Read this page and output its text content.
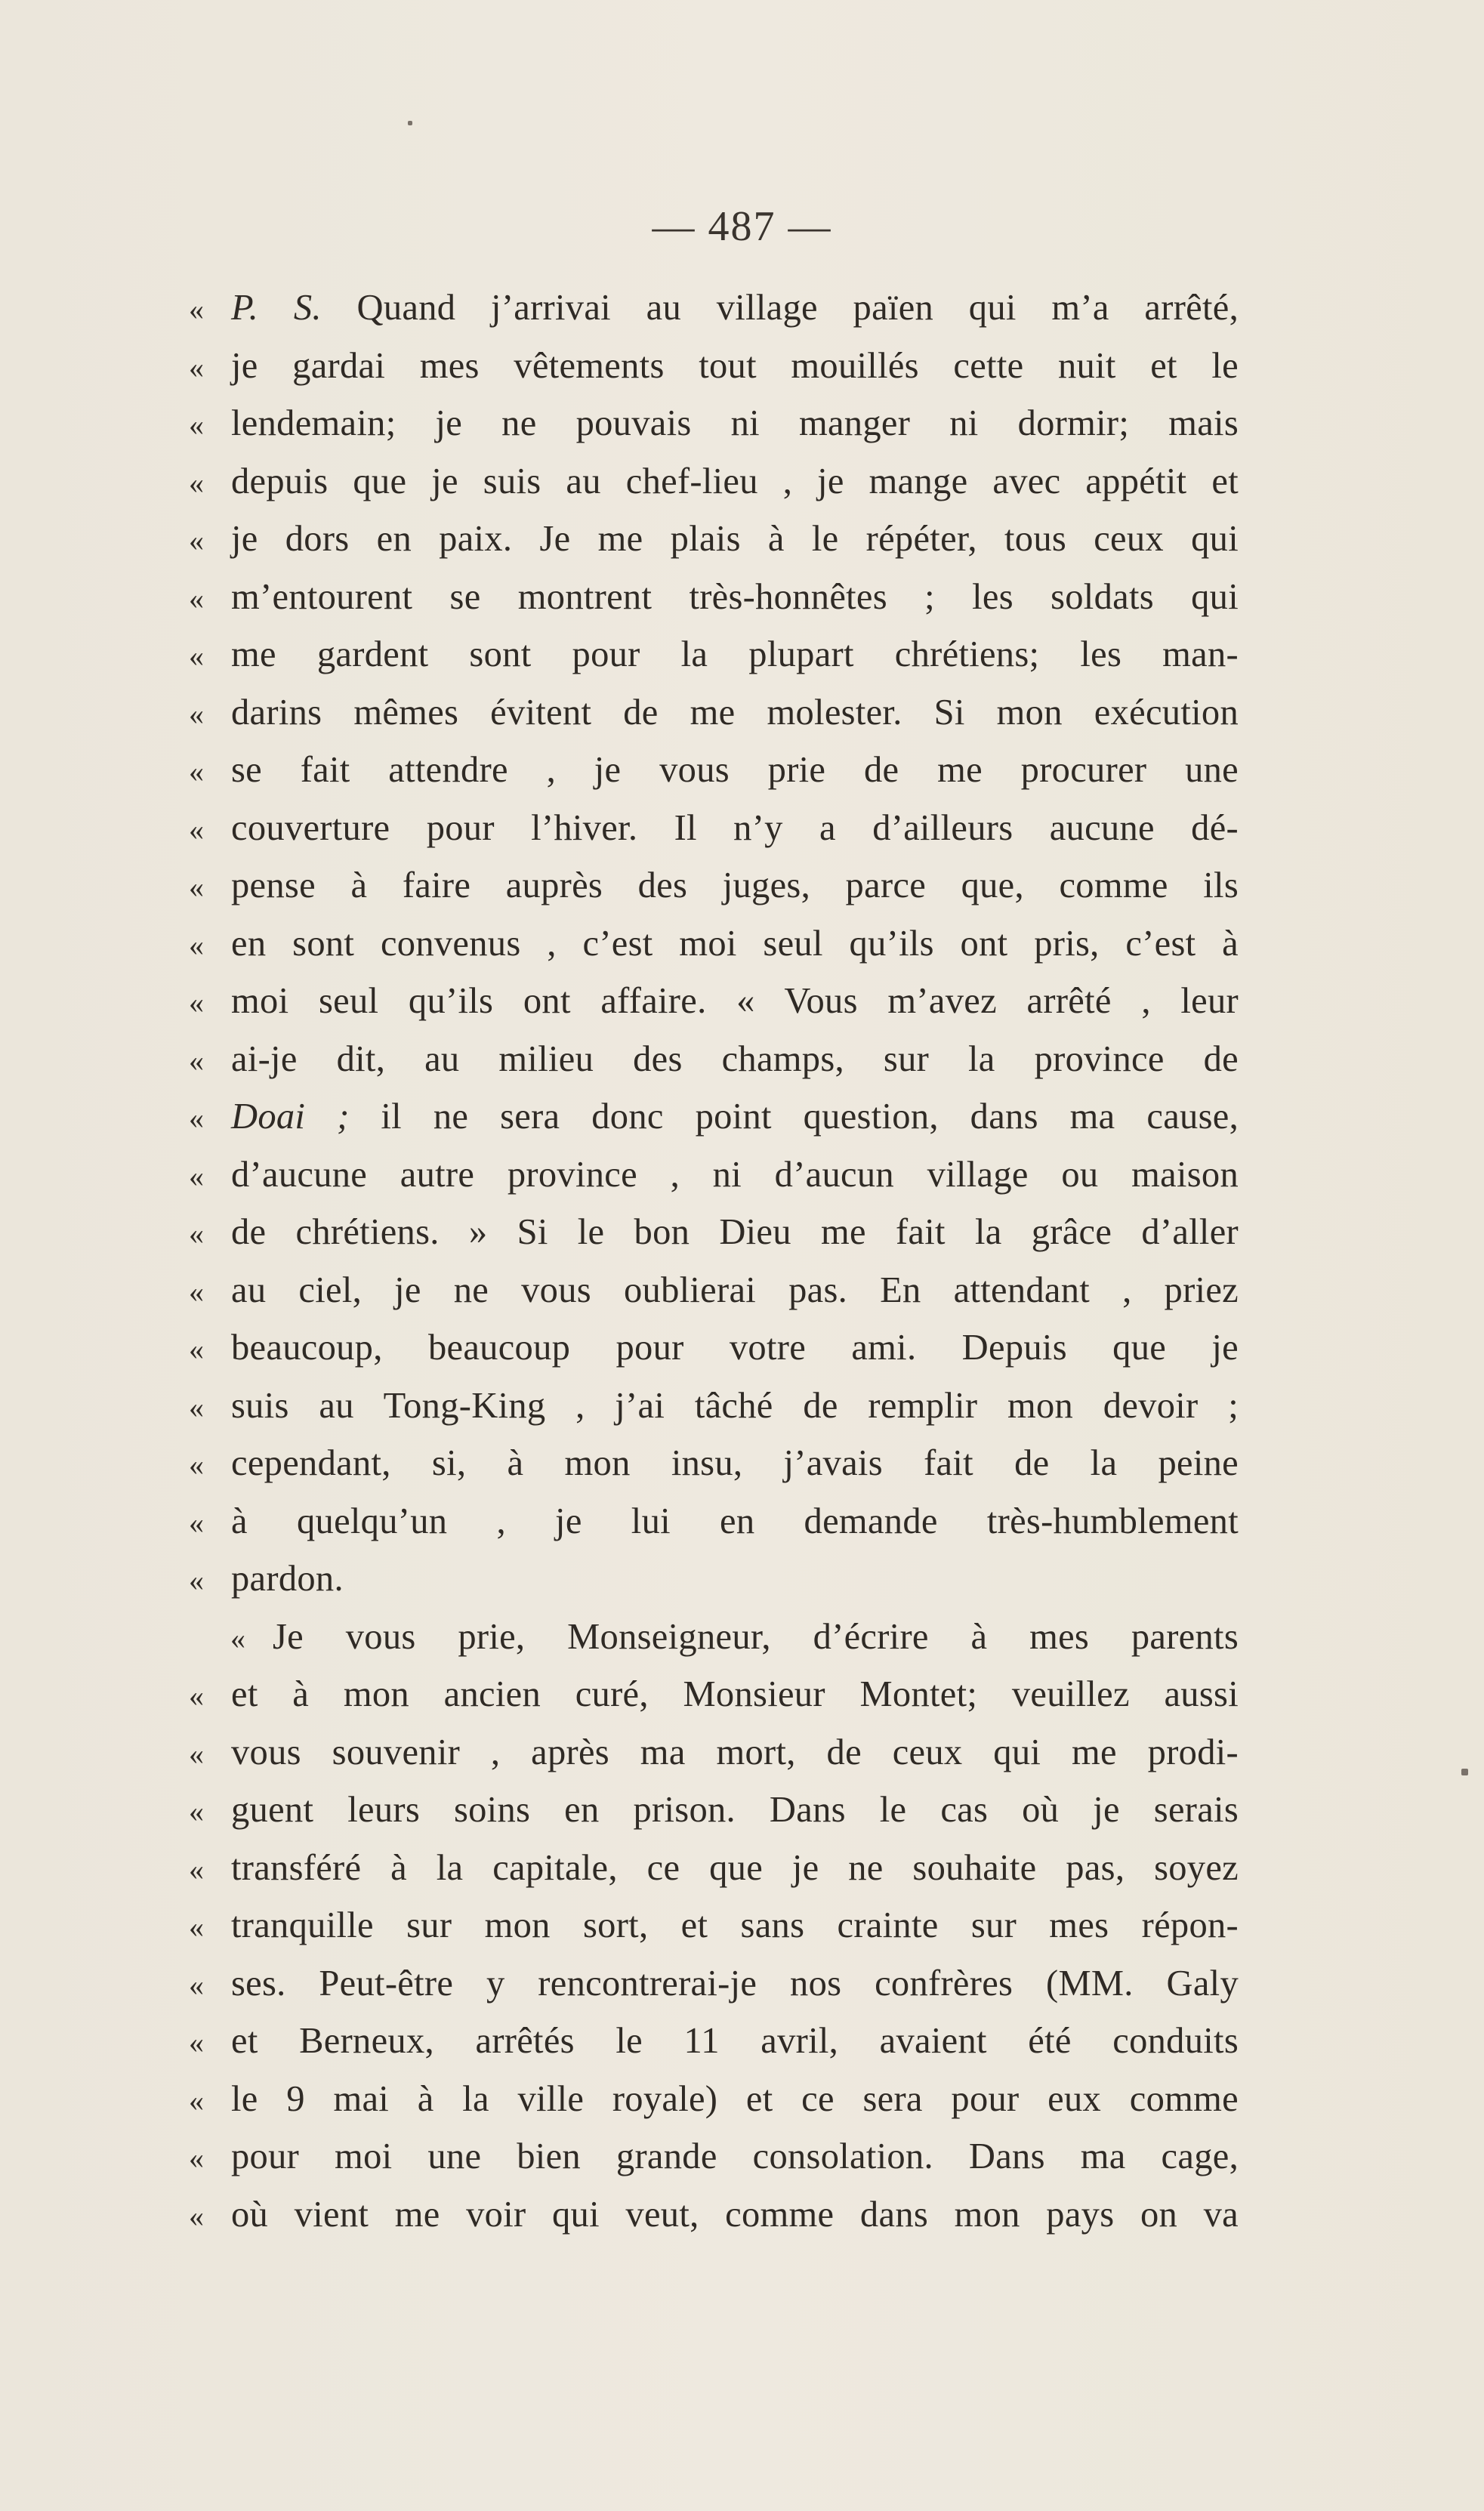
— 487 —
«P. S. Quand j’arrivai au village païen qui m’a arrêté,
«je gardai mes vêtements tout mouillés cette nuit et le
«lendemain; je ne pouvais ni manger ni dormir; mais
«depuis que je suis au chef-lieu , je mange avec appétit et
«je dors en paix. Je me plais à le répéter, tous ceux qui
«m’entourent se montrent très-honnêtes ; les soldats qui
«me gardent sont pour la plupart chrétiens; les man-
«darins mêmes évitent de me molester. Si mon exécution
«se fait attendre , je vous prie de me procurer une
«couverture pour l’hiver. Il n’y a d’ailleurs aucune dé-
«pense à faire auprès des juges, parce que, comme ils
«en sont convenus , c’est moi seul qu’ils ont pris, c’est à
«moi seul qu’ils ont affaire. « Vous m’avez arrêté , leur
«ai-je dit, au milieu des champs, sur la province de
«Doai ; il ne sera donc point question, dans ma cause,
«d’aucune autre province , ni d’aucun village ou maison
«de chrétiens. » Si le bon Dieu me fait la grâce d’aller
«au ciel, je ne vous oublierai pas. En attendant , priez
«beaucoup, beaucoup pour votre ami. Depuis que je
«suis au Tong-King , j’ai tâché de remplir mon devoir ;
«cependant, si, à mon insu, j’avais fait de la peine
«à quelqu’un , je lui en demande très-humblement
«pardon.
«Je vous prie, Monseigneur, d’écrire à mes parents
«et à mon ancien curé, Monsieur Montet; veuillez aussi
«vous souvenir , après ma mort, de ceux qui me prodi-
«guent leurs soins en prison. Dans le cas où je serais
«transféré à la capitale, ce que je ne souhaite pas, soyez
«tranquille sur mon sort, et sans crainte sur mes répon-
«ses. Peut-être y rencontrerai-je nos confrères (MM. Galy
«et Berneux, arrêtés le 11 avril, avaient été conduits
«le 9 mai à la ville royale) et ce sera pour eux comme
«pour moi une bien grande consolation. Dans ma cage,
«où vient me voir qui veut, comme dans mon pays on va
